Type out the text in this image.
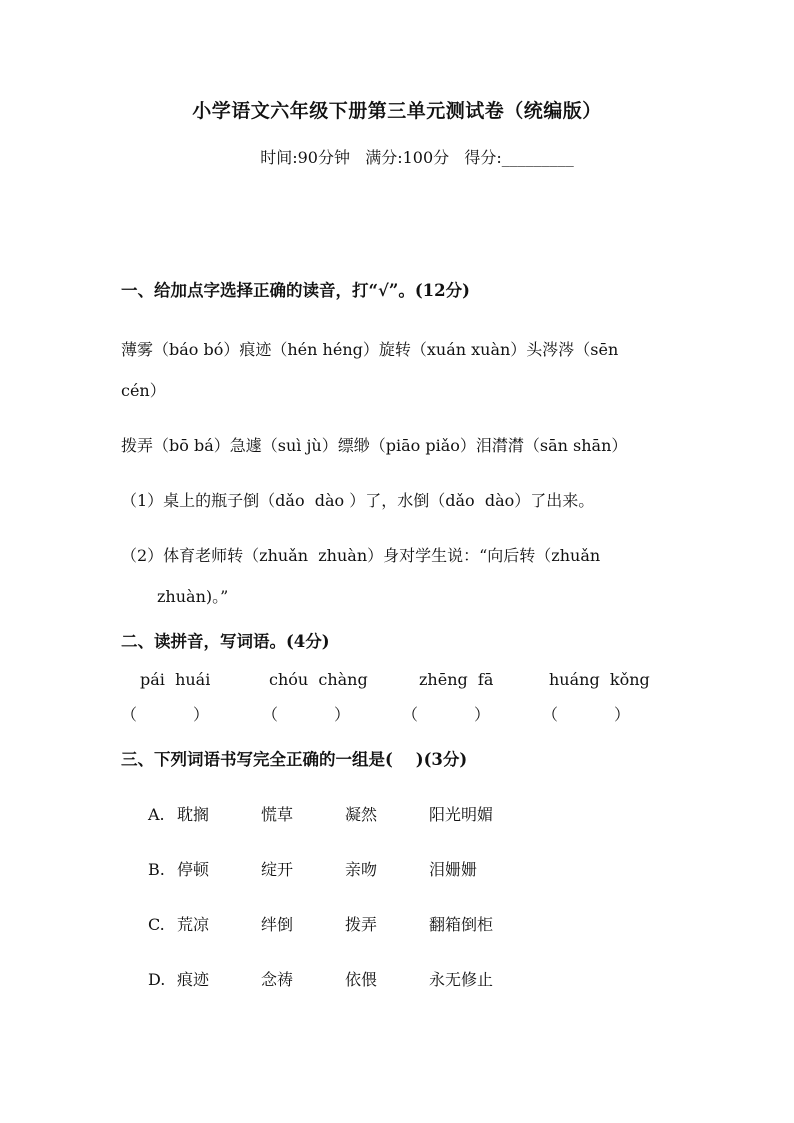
小学语文六年级下册第三单元测试卷（统编版）
时间:90分钟   满分:100分   得分:_________
一、给加点字选择正确的读音，打“√”。(12分)
薄雾（báo bó）痕迹（hén héng）旋转（xuán xuàn）头涔涔（sēn
cén）
拨弄（bō bá）急遽（suì jù）缥缈（piāo piǎo）泪潸潸（sān shān）
（1）桌上的瓶子倒（dǎo  dào ）了，水倒（dǎo  dào）了出来。
（2）体育老师转（zhuǎn  zhuàn）身对学生说：“向后转（zhuǎn
zhuàn)。”
二、读拼音，写词语。(4分)
pái  huái	chóu  chàng	zhēng  fā	huáng  kǒng
（           ）	（           ）	（           ）	（           ）
三、下列词语书写完全正确的一组是(    )(3分)
A. 耽搁	慌草	凝然	阳光明媚
B. 停顿	绽开	亲吻	泪姗姗
C. 荒凉	绊倒	拨弄	翻箱倒柜
D. 痕迹	念祷	依偎	永无修止
